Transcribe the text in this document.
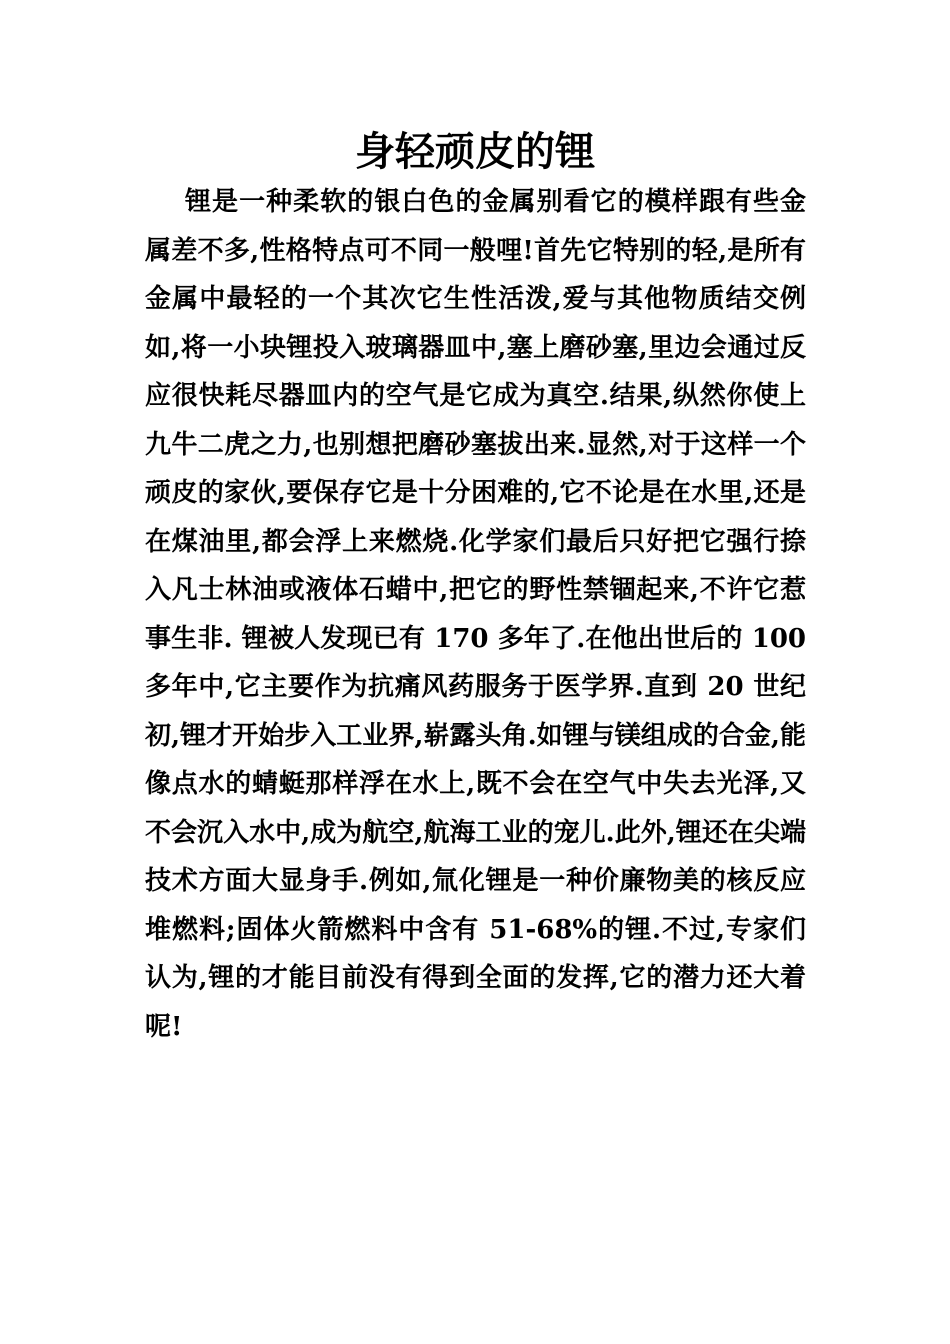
身轻顽皮的锂

锂是一种柔软的银白色的金属别看它的模样跟有些金属差不多,性格特点可不同一般哩!首先它特别的轻,是所有金属中最轻的一个其次它生性活泼,爱与其他物质结交例如,将一小块锂投入玻璃器皿中,塞上磨砂塞,里边会通过反应很快耗尽器皿内的空气是它成为真空.结果,纵然你使上九牛二虎之力,也别想把磨砂塞拔出来.显然,对于这样一个顽皮的家伙,要保存它是十分困难的,它不论是在水里,还是在煤油里,都会浮上来燃烧.化学家们最后只好把它强行捺入凡士林油或液体石蜡中,把它的野性禁锢起来,不许它惹事生非. 锂被人发现已有 170 多年了.在他出世后的 100 多年中,它主要作为抗痛风药服务于医学界.直到 20 世纪初,锂才开始步入工业界,崭露头角.如锂与镁组成的合金,能像点水的蜻蜓那样浮在水上,既不会在空气中失去光泽,又不会沉入水中,成为航空,航海工业的宠儿.此外,锂还在尖端技术方面大显身手.例如,氚化锂是一种价廉物美的核反应堆燃料;固体火箭燃料中含有 51-68%的锂.不过,专家们认为,锂的才能目前没有得到全面的发挥,它的潜力还大着呢!
